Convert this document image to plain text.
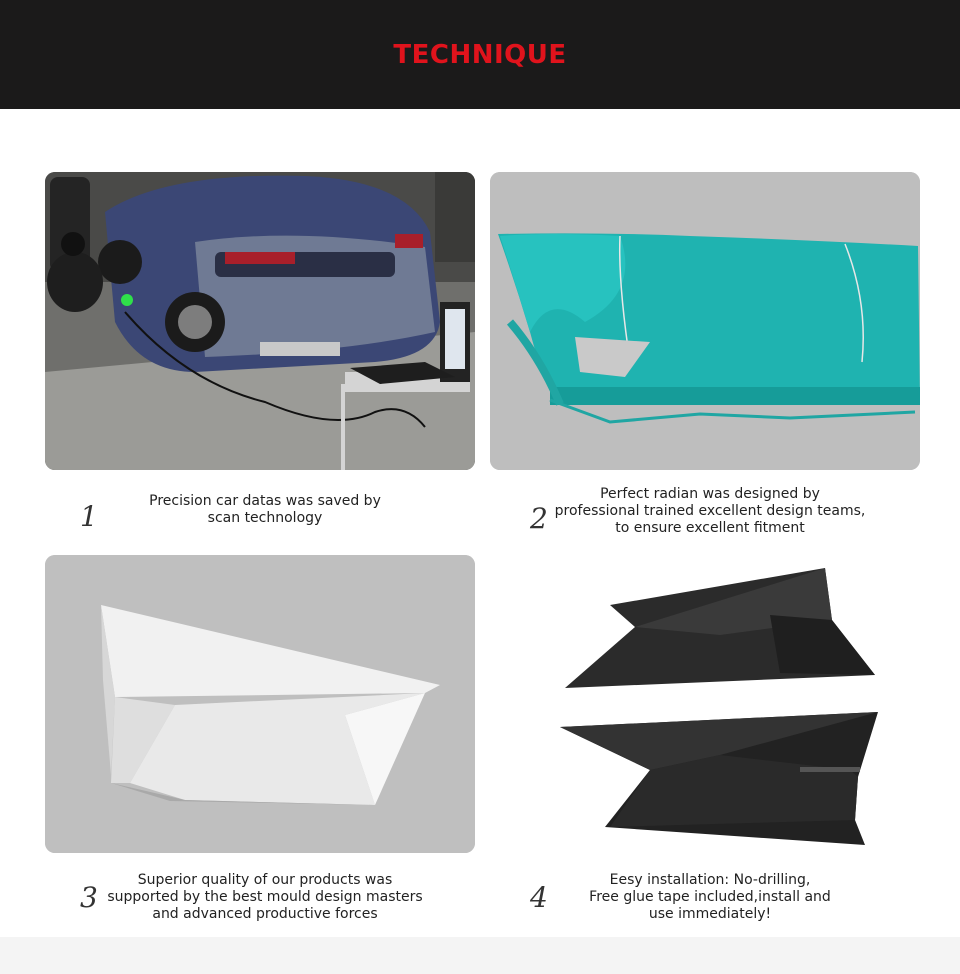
TECHNIQUE
1	Precision car datas was saved by
scan technology	2
Perfect radian was designed by
professional trained excellent design teams,
to ensure excellent fitment
3
Superior quality of our products was
supported by the best mould design masters
and advanced productive forces	4
Eesy installation: No-drilling,
Free glue tape included,install and
use immediately!
